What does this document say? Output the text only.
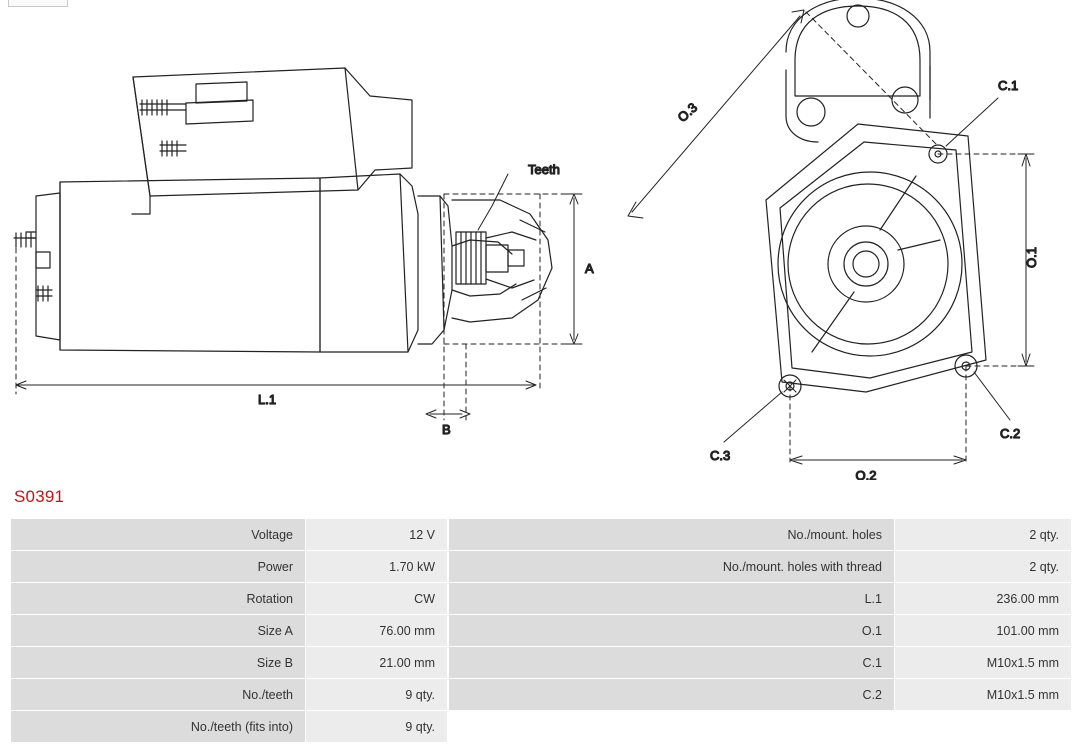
A
B
L.1
Teeth
O.3
O.1
O.2
C.1
C.2
C.3
S0391
Voltage	12 V
Power	1.70 kW
Rotation	CW
Size A	76.00 mm
Size B	21.00 mm
No./teeth	9 qty.
No./teeth (fits into)	9 qty.
No./mount. holes	2 qty.
No./mount. holes with thread	2 qty.
L.1	236.00 mm
O.1	101.00 mm
C.1	M10x1.5 mm
C.2	M10x1.5 mm
